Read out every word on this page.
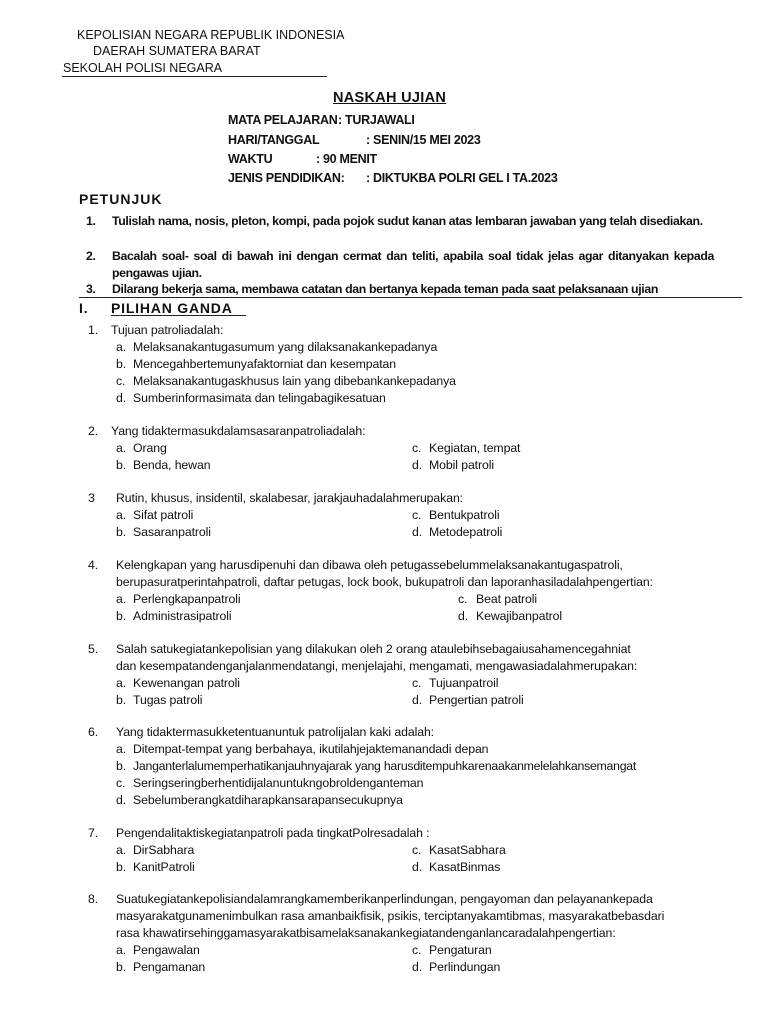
KEPOLISIAN NEGARA REPUBLIK INDONESIA
DAERAH SUMATERA BARAT
SEKOLAH POLISI NEGARA
NASKAH UJIAN
MATA PELAJARAN : TURJAWALI
HARI/TANGGAL	: SENIN/15 MEI 2023
WAKTU	: 90 MENIT
JENIS PENDIDIKAN: : DIKTUKBA POLRI GEL I TA.2023
PETUNJUK
1. Tulislah nama, nosis, pleton, kompi, pada pojok sudut kanan atas lembaran jawaban yang telah disediakan.
2. Bacalah soal- soal di bawah ini dengan cermat dan teliti, apabila soal tidak jelas agar ditanyakan kepada pengawas ujian.
3. Dilarang bekerja sama, membawa catatan dan bertanya kepada teman pada saat pelaksanaan ujian
I. PILIHAN GANDA
1. Tujuan patroliadalah:
a. Melaksanakantugasumum yang dilaksanakankepadanya
b. Mencegahbertemunyafaktorniat dan kesempatan
c. Melaksanakantugaskhusus lain yang dibebankankepadanya
d. Sumberinformasimata dan telingabagikesatuan
2. Yang tidaktermasukdalamsasaranpatroliadalah:
a. Orang	c. Kegiatan, tempat
b. Benda, hewan	d. Mobil patroli
3 Rutin, khusus, insidentil, skalabesar, jarakjauhadalahmerupakan:
a. Sifat patroli	c. Bentukpatroli
b. Sasaranpatroli	d. Metodepatroli
4. Kelengkapan yang harusdipenuhi dan dibawa oleh petugassebelummelaksanakantugaspatroli,
berupasuratperintahpatroli, daftar petugas, lock book, bukupatroli dan laporanhasiladalahpengertian:
a. Perlengkapanpatroli	c. Beat patroli
b. Administrasipatroli	d. Kewajibanpatrol
5. Salah satukegiatankepolisian yang dilakukan oleh 2 orang ataulebihsebagaiusahamencegahniat
dan kesempatandenganjalanmendatangi, menjelajahi, mengamati, mengawasiadalahmerupakan:
a. Kewenangan patroli	c. Tujuanpatroil
b. Tugas patroli	d. Pengertian patroli
6. Yang tidaktermasukketentuanuntuk patrolijalan kaki adalah:
a. Ditempat-tempat yang berbahaya, ikutilahjejaktemanandadi depan
b. Janganterlalumemperhatikanjauhnyajarak yang harusditempuhkarenaakanmelelahkansemangat
c. Seringseringberhentidijalanuntukngobroldenganteman
d. Sebelumberangkatdiharapkansarapansecukupnya
7. Pengendalitaktiskegiatanpatroli pada tingkatPolresadalah :
a. DirSabhara	c. KasatSabhara
b. KanitPatroli	d. KasatBinmas
8. Suatukegiatankepolisiandalamrangkamemberikanperlindungan, pengayoman dan pelayanankepada
masyarakatgunamenimbulkan rasa amanbaikfisik, psikis, terciptanyakamtibmas, masyarakatbebasdari
rasa khawatirsehinggamasyarakatbisamelaksanakankegiatandenganlancaradalahpengertian:
a. Pengawalan	c. Pengaturan
b. Pengamanan	d. Perlindungan
